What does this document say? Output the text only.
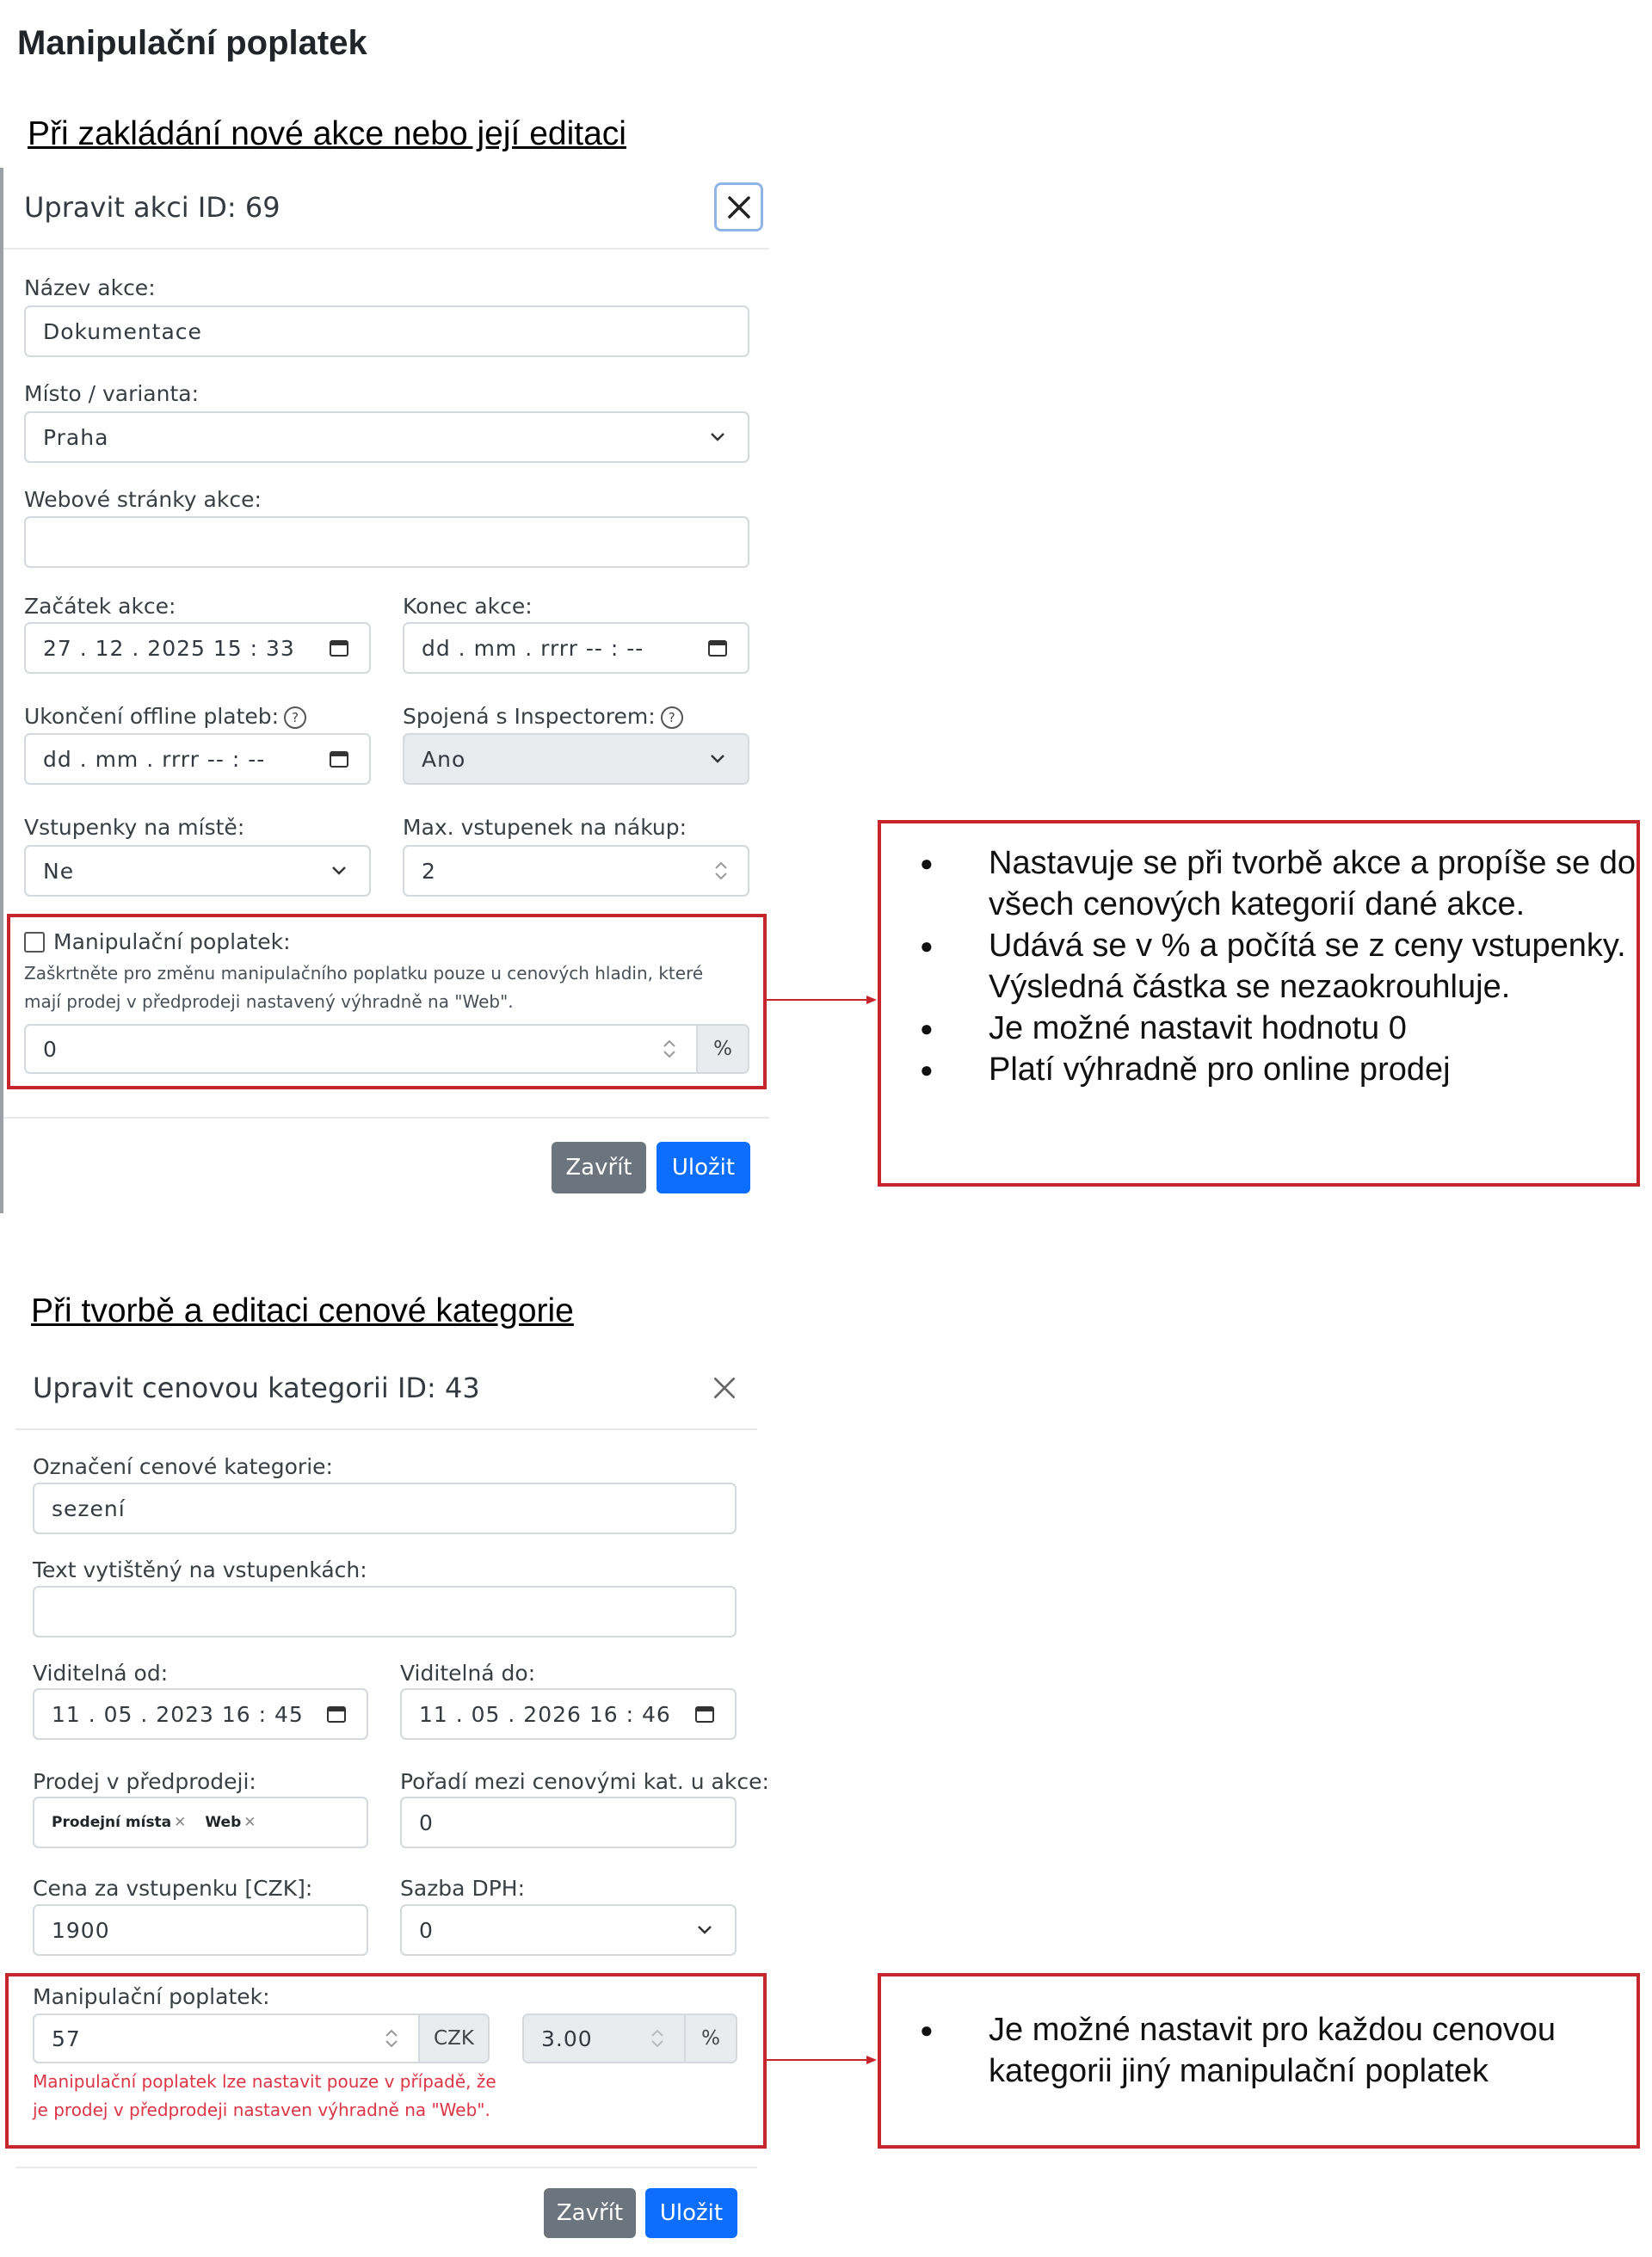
Manipulační poplatek
Při zakládání nové akce nebo její editaci
Upravit akci ID: 69
Název akce:
Dokumentace
Místo / varianta:
Praha
Webové stránky akce:
Začátek akce:
27 . 12 . 2025 15 : 33
Konec akce:
dd . mm . rrrr -- : --
Ukončení offline plateb: ?
dd . mm . rrrr -- : --
Spojená s Inspectorem: ?
Ano
Vstupenky na místě:
Ne
Max. vstupenek na nákup:
2
Manipulační poplatek:
Zaškrtněte pro změnu manipulačního poplatku pouze u cenových hladin, které mají prodej v předprodeji nastavený výhradně na "Web".
0	%
Zavřít	Uložit
● Nastavuje se při tvorbě akce a propíše se do všech cenových kategorií dané akce.
● Udává se v % a počítá se z ceny vstupenky. Výsledná částka se nezaokrouhluje.
● Je možné nastavit hodnotu 0
● Platí výhradně pro online prodej
Při tvorbě a editaci cenové kategorie
Upravit cenovou kategorii ID: 43
Označení cenové kategorie:
sezení
Text vytištěný na vstupenkách:
Viditelná od:
11 . 05 . 2023 16 : 45
Viditelná do:
11 . 05 . 2026 16 : 46
Prodej v předprodeji:
Prodejní místa ✕ Web ✕
Pořadí mezi cenovými kat. u akce:
0
Cena za vstupenku [CZK]:
1900
Sazba DPH:
0
Manipulační poplatek:
57	CZK	3.00	%
Manipulační poplatek lze nastavit pouze v případě, že je prodej v předprodeji nastaven výhradně na "Web".
Zavřít	Uložit
● Je možné nastavit pro každou cenovou kategorii jiný manipulační poplatek
